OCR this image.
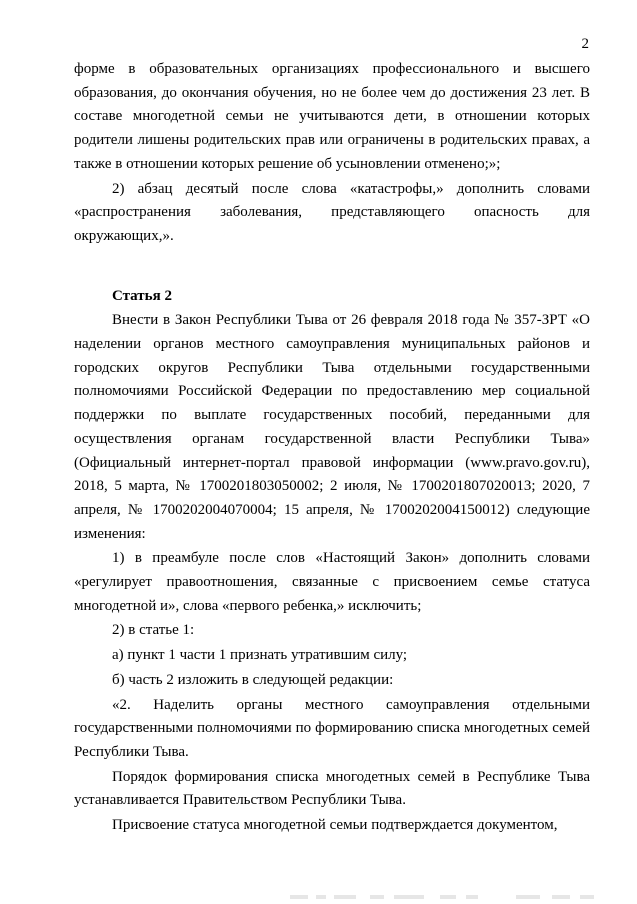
2

форме в образовательных организациях профессионального и высшего образования, до окончания обучения, но не более чем до достижения 23 лет. В составе многодетной семьи не учитываются дети, в отношении которых родители лишены родительских прав или ограничены в родительских правах, а также в отношении которых решение об усыновлении отменено;»;

2) абзац десятый после слова «катастрофы,» дополнить словами «распространения заболевания, представляющего опасность для окружающих,».

Статья 2

Внести в Закон Республики Тыва от 26 февраля 2018 года № 357-ЗРТ «О наделении органов местного самоуправления муниципальных районов и городских округов Республики Тыва отдельными государственными полномочиями Российской Федерации по предоставлению мер социальной поддержки по выплате государственных пособий, переданными для осуществления органам государственной власти Республики Тыва» (Официальный интернет-портал правовой информации (www.pravo.gov.ru), 2018, 5 марта, № 1700201803050002; 2 июля, № 1700201807020013; 2020, 7 апреля, № 1700202004070004; 15 апреля, № 1700202004150012) следующие изменения:

1) в преамбуле после слов «Настоящий Закон» дополнить словами «регулирует правоотношения, связанные с присвоением семье статуса многодетной и», слова «первого ребенка,» исключить;

2) в статье 1:

а) пункт 1 части 1 признать утратившим силу;

б) часть 2 изложить в следующей редакции:

«2. Наделить органы местного самоуправления отдельными государственными полномочиями по формированию списка многодетных семей Республики Тыва.

Порядок формирования списка многодетных семей в Республике Тыва устанавливается Правительством Республики Тыва.

Присвоение статуса многодетной семьи подтверждается документом,
